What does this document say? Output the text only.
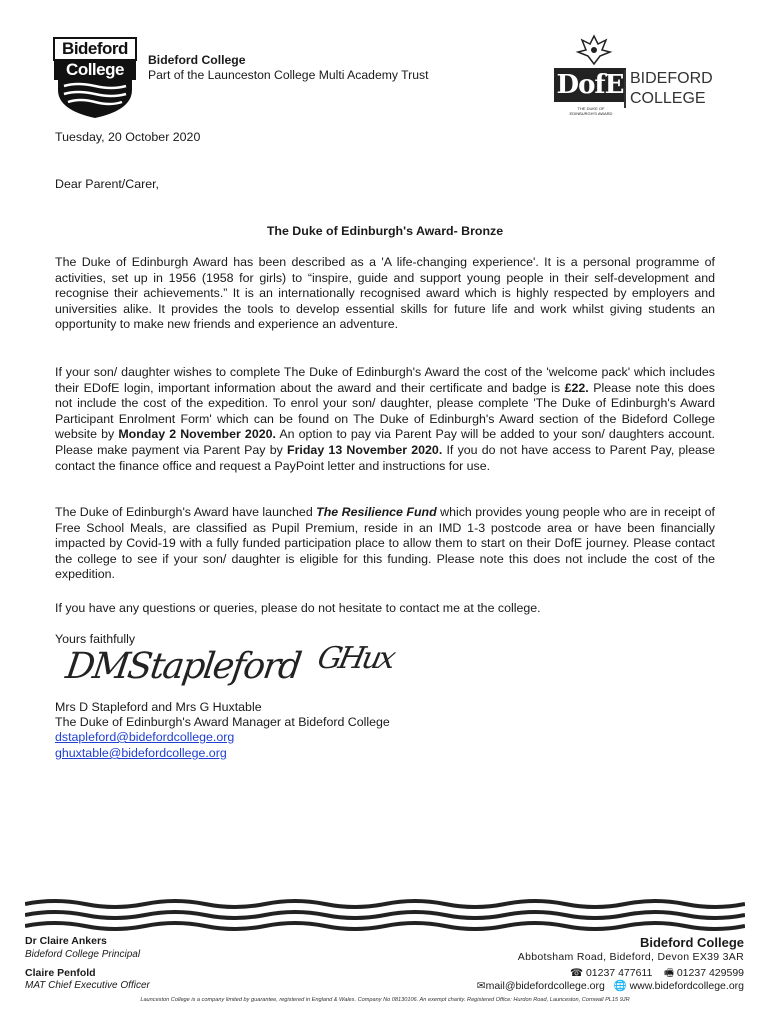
Bideford
College	Bideford College
Part of the Launceston College Multi Academy Trust	DofE
THE DUKE OF EDINBURGH'S AWARD
BIDEFORD
COLLEGE
Tuesday, 20 October 2020
Dear Parent/Carer,
The Duke of Edinburgh's Award- Bronze

The Duke of Edinburgh Award has been described as a 'A life-changing experience'. It is a personal programme of activities, set up in 1956 (1958 for girls) to “inspire, guide and support young people in their self-development and recognise their achievements.” It is an internationally recognised award which is highly respected by employers and universities alike. It provides the tools to develop essential skills for future life and work whilst giving students an opportunity to make new friends and experience an adventure.

If your son/ daughter wishes to complete The Duke of Edinburgh's Award the cost of the 'welcome pack' which includes their EDofE login, important information about the award and their certificate and badge is £22. Please note this does not include the cost of the expedition. To enrol your son/ daughter, please complete 'The Duke of Edinburgh's Award Participant Enrolment Form' which can be found on The Duke of Edinburgh's Award section of the Bideford College website by Monday 2 November 2020. An option to pay via Parent Pay will be added to your son/ daughters account. Please make payment via Parent Pay by Friday 13 November 2020. If you do not have access to Parent Pay, please contact the finance office and request a PayPoint letter and instructions for use.

The Duke of Edinburgh's Award have launched The Resilience Fund which provides young people who are in receipt of Free School Meals, are classified as Pupil Premium, reside in an IMD 1-3 postcode area or have been financially impacted by Covid-19 with a fully funded participation place to allow them to start on their DofE journey. Please contact the college to see if your son/ daughter is eligible for this funding. Please note this does not include the cost of the expedition.

If you have any questions or queries, please do not hesitate to contact me at the college.

Yours faithfully
DMStapleford GHux
Mrs D Stapleford and Mrs G Huxtable
The Duke of Edinburgh's Award Manager at Bideford College
dstapleford@bidefordcollege.org
ghuxtable@bidefordcollege.org
Dr Claire Ankers
Bideford College Principal
Claire Penfold
MAT Chief Executive Officer
Bideford College
Abbotsham Road, Bideford, Devon EX39 3AR
☎ 01237 477611 🖷 01237 429599
✉mail@bidefordcollege.org 🌐 www.bidefordcollege.org
Launceston College is a company limited by guarantee, registered in England & Wales. Company No 08130106. An exempt charity. Registered Office: Hurdon Road, Launceston, Cornwall PL15 9JR
